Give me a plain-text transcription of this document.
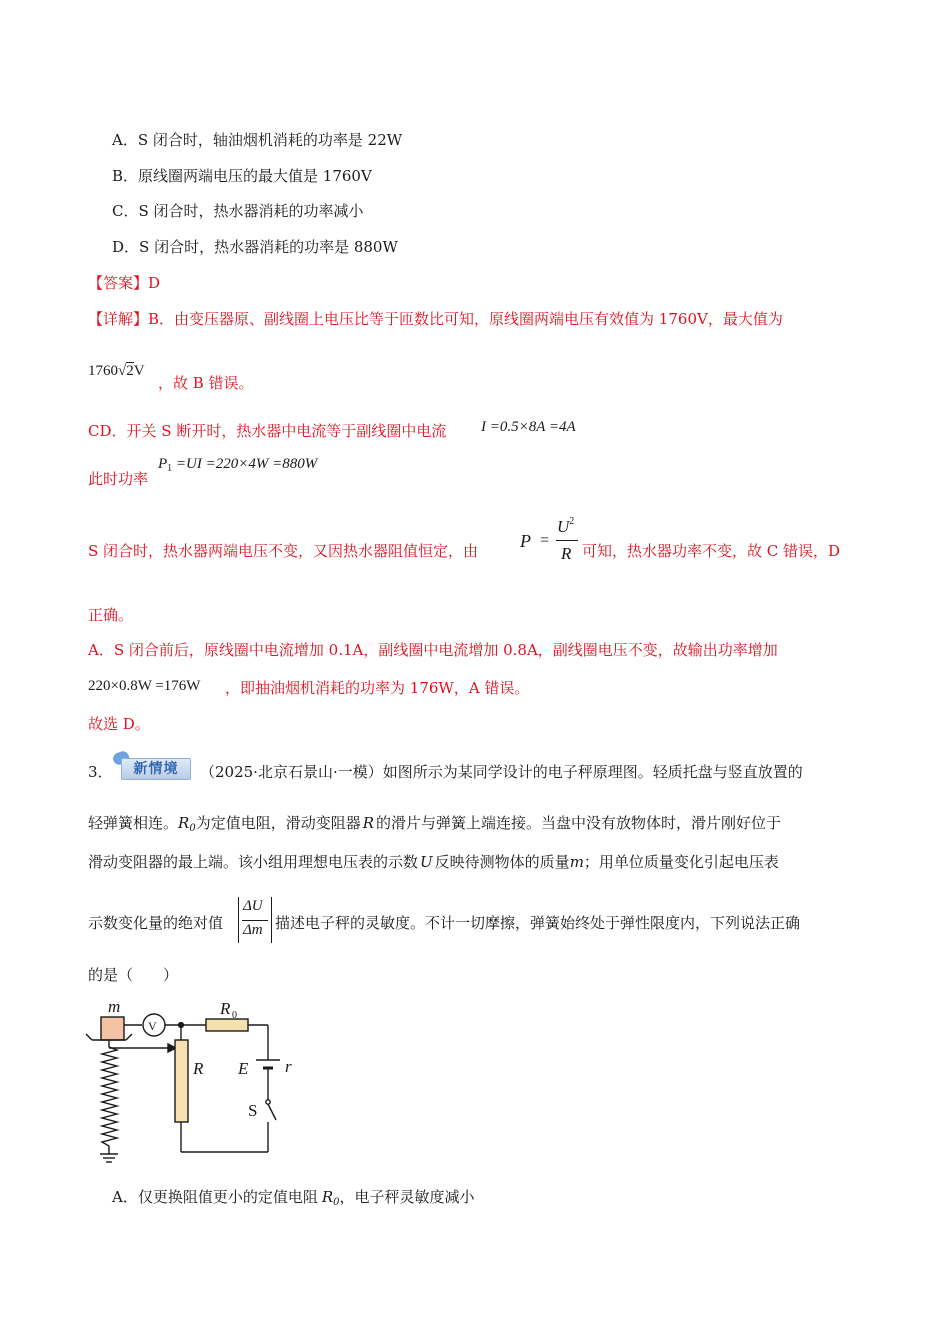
A．S 闭合时，轴油烟机消耗的功率是 22W
B．原线圈两端电压的最大值是 1760V
C．S 闭合时，热水器消耗的功率减小
D．S 闭合时，热水器消耗的功率是 880W
【答案】D
【详解】B．由变压器原、副线圈上电压比等于匝数比可知，原线圈两端电压有效值为 1760V，最大值为
1760√2V
，故 B 错误。
CD．开关 S 断开时，热水器中电流等于副线圈中电流 I =0.5×8A =4A
$P_1 =UI =220\times 4W =880W$
此时功率
S 闭合时，热水器两端电压不变，又因热水器阻值恒定，由 P =
$U^2$
R 可知，热水器功率不变，故 C 错误，D
正确。
A．S 闭合前后，原线圈中电流增加 0.1A，副线圈中电流增加 0.8A，副线圈电压不变，故输出功率增加
220×0.8W =176W ，即抽油烟机消耗的功率为 176W，A 错误。
故选 D。
3．	新情境	（2025·北京石景山·一模）如图所示为某同学设计的电子秤原理图。轻质托盘与竖直放置的
轻弹簧相连。$R_0$为定值电阻，滑动变阻器 R 的滑片与弹簧上端连接。当盘中没有放物体时，滑片刚好位于
滑动变阻器的最上端。该小组用理想电压表的示数 U 反映待测物体的质量m；用单位质量变化引起电压表
示数变化量的绝对值
ΔU
Δm 描述电子秤的灵敏度。不计一切摩擦，弹簧始终处于弹性限度内，下列说法正确
的是（　　）
m
V
R 0
R E r
S
A．仅更换阻值更小的定值电阻 $R_0$，电子秤灵敏度减小
